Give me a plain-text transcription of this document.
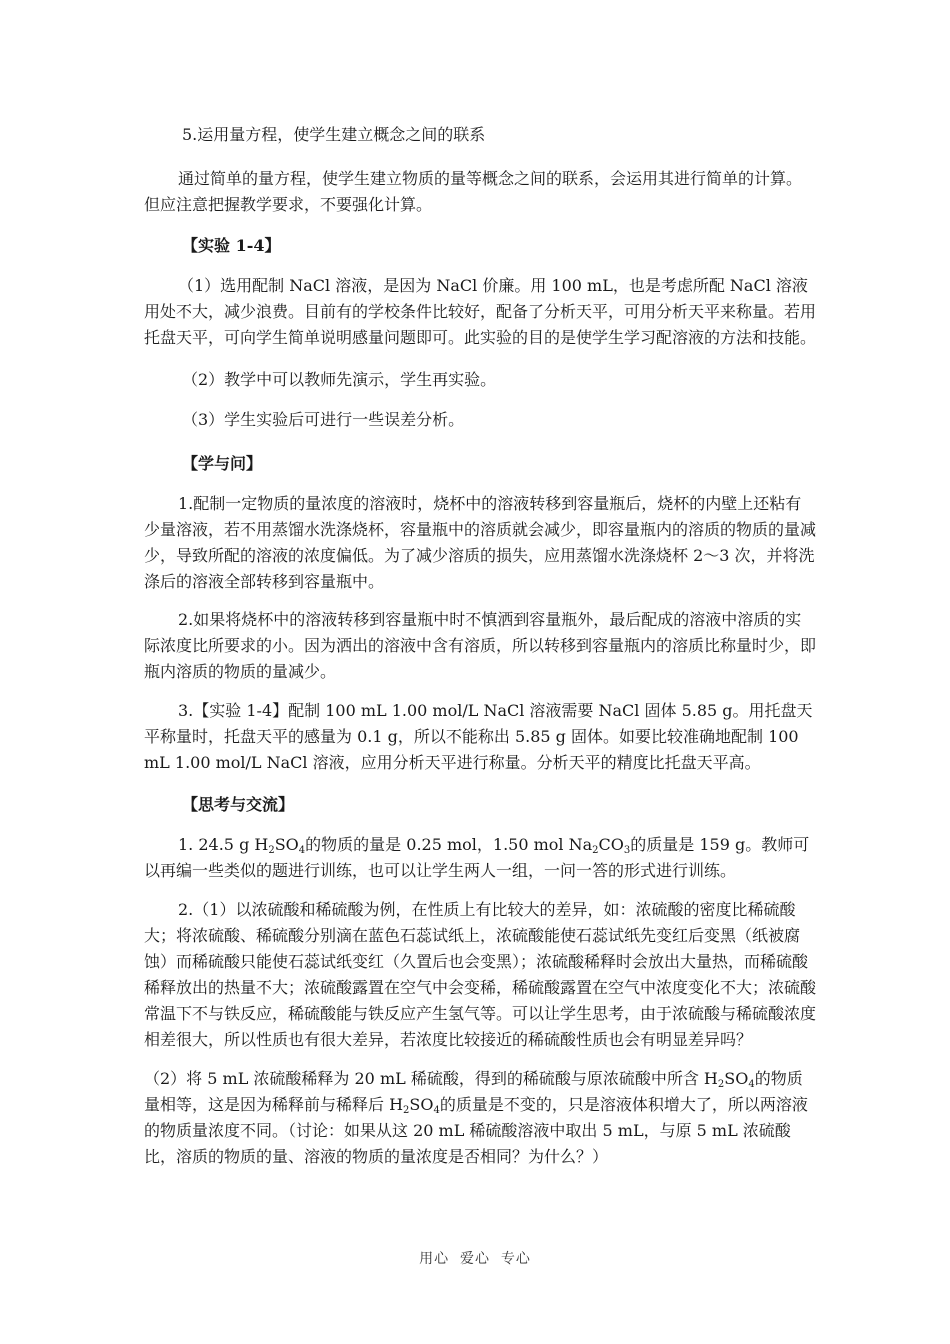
5.运用量方程，使学生建立概念之间的联系

通过简单的量方程，使学生建立物质的量等概念之间的联系，会运用其进行简单的计算。但应注意把握教学要求，不要强化计算。

【实验 1-4】

（1）选用配制 NaCl 溶液，是因为 NaCl 价廉。用 100 mL，也是考虑所配 NaCl 溶液用处不大，减少浪费。目前有的学校条件比较好，配备了分析天平，可用分析天平来称量。若用托盘天平，可向学生简单说明感量问题即可。此实验的目的是使学生学习配溶液的方法和技能。

（2）教学中可以教师先演示，学生再实验。

（3）学生实验后可进行一些误差分析。

【学与问】

1.配制一定物质的量浓度的溶液时，烧杯中的溶液转移到容量瓶后，烧杯的内壁上还粘有少量溶液，若不用蒸馏水洗涤烧杯，容量瓶中的溶质就会减少，即容量瓶内的溶质的物质的量减少，导致所配的溶液的浓度偏低。为了减少溶质的损失，应用蒸馏水洗涤烧杯 2～3 次，并将洗涤后的溶液全部转移到容量瓶中。

2.如果将烧杯中的溶液转移到容量瓶中时不慎洒到容量瓶外，最后配成的溶液中溶质的实际浓度比所要求的小。因为洒出的溶液中含有溶质，所以转移到容量瓶内的溶质比称量时少，即瓶内溶质的物质的量减少。

3.【实验 1-4】配制 100 mL 1.00 mol/L NaCl 溶液需要 NaCl 固体 5.85 g。用托盘天平称量时，托盘天平的感量为 0.1 g，所以不能称出 5.85 g 固体。如要比较准确地配制 100 mL 1.00 mol/L NaCl 溶液，应用分析天平进行称量。分析天平的精度比托盘天平高。

【思考与交流】

1. 24.5 g H2SO4的物质的量是 0.25 mol，1.50 mol Na2CO3的质量是 159 g。教师可以再编一些类似的题进行训练，也可以让学生两人一组，一问一答的形式进行训练。

2.（1）以浓硫酸和稀硫酸为例，在性质上有比较大的差异，如：浓硫酸的密度比稀硫酸大；将浓硫酸、稀硫酸分别滴在蓝色石蕊试纸上，浓硫酸能使石蕊试纸先变红后变黑（纸被腐蚀）而稀硫酸只能使石蕊试纸变红（久置后也会变黑）；浓硫酸稀释时会放出大量热，而稀硫酸稀释放出的热量不大；浓硫酸露置在空气中会变稀，稀硫酸露置在空气中浓度变化不大；浓硫酸常温下不与铁反应，稀硫酸能与铁反应产生氢气等。可以让学生思考，由于浓硫酸与稀硫酸浓度相差很大，所以性质也有很大差异，若浓度比较接近的稀硫酸性质也会有明显差异吗？

（2）将 5 mL 浓硫酸稀释为 20 mL 稀硫酸，得到的稀硫酸与原浓硫酸中所含 H2SO4的物质量相等，这是因为稀释前与稀释后 H2SO4的质量是不变的，只是溶液体积增大了，所以两溶液的物质量浓度不同。（讨论：如果从这 20 mL 稀硫酸溶液中取出 5 mL，与原 5 mL 浓硫酸比，溶质的物质的量、溶液的物质的量浓度是否相同？为什么？）

用心  爱心  专心
